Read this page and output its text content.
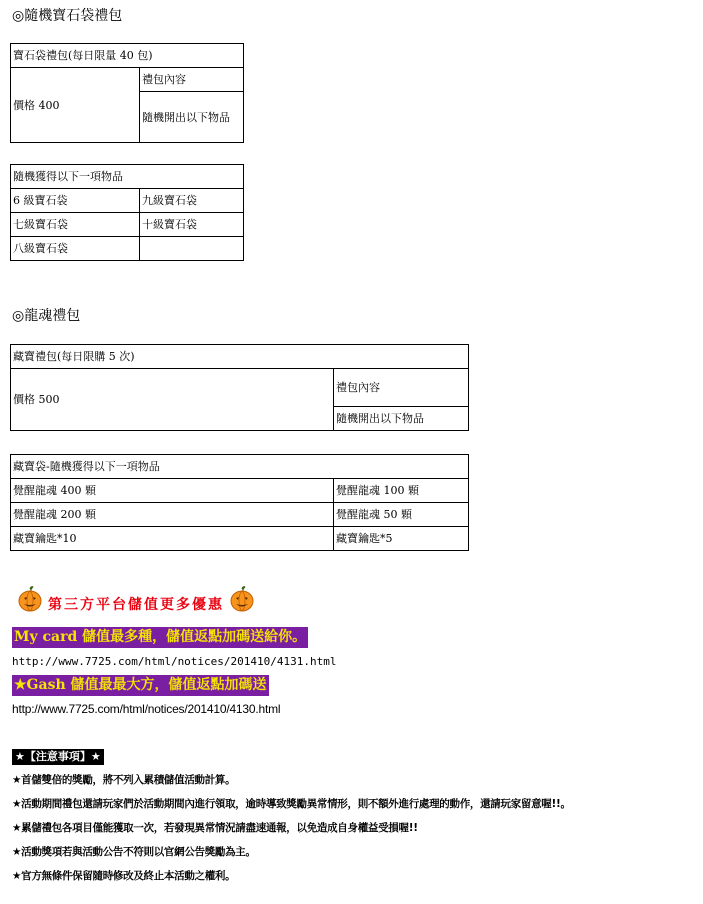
◎隨機寶石袋禮包
寶石袋禮包(每日限量 40 包)
價格 400	禮包內容
隨機開出以下物品
隨機獲得以下一項物品	
6 級寶石袋	九級寶石袋
七級寶石袋	十級寶石袋
八級寶石袋	
◎龍魂禮包
藏寶禮包(每日限購 5 次)
價格 500	禮包內容
隨機開出以下物品
藏寶袋-隨機獲得以下一項物品	
覺醒龍魂 400 顆	覺醒龍魂 100 顆
覺醒龍魂 200 顆	覺醒龍魂 50 顆
藏寶鑰匙*10	藏寶鑰匙*5
第三方平台儲值更多優惠
My card 儲值最多種，儲值返點加碼送給你。
http://www.7725.com/html/notices/201410/4131.html
★Gash 儲值最最大方，儲值返點加碼送
http://www.7725.com/html/notices/201410/4130.html
★【注意事項】★
★首儲雙倍的獎勵，將不列入累積儲值活動計算。
★活動期間禮包還請玩家們於活動期間內進行領取，逾時導致獎勵異常情形，則不額外進行處理的動作，還請玩家留意喔!!。
★累儲禮包各項目僅能獲取一次，若發現異常情況請盡速通報，以免造成自身權益受損喔!!
★活動獎項若與活動公告不符則以官網公告獎勵為主。
★官方無條件保留隨時修改及終止本活動之權利。
